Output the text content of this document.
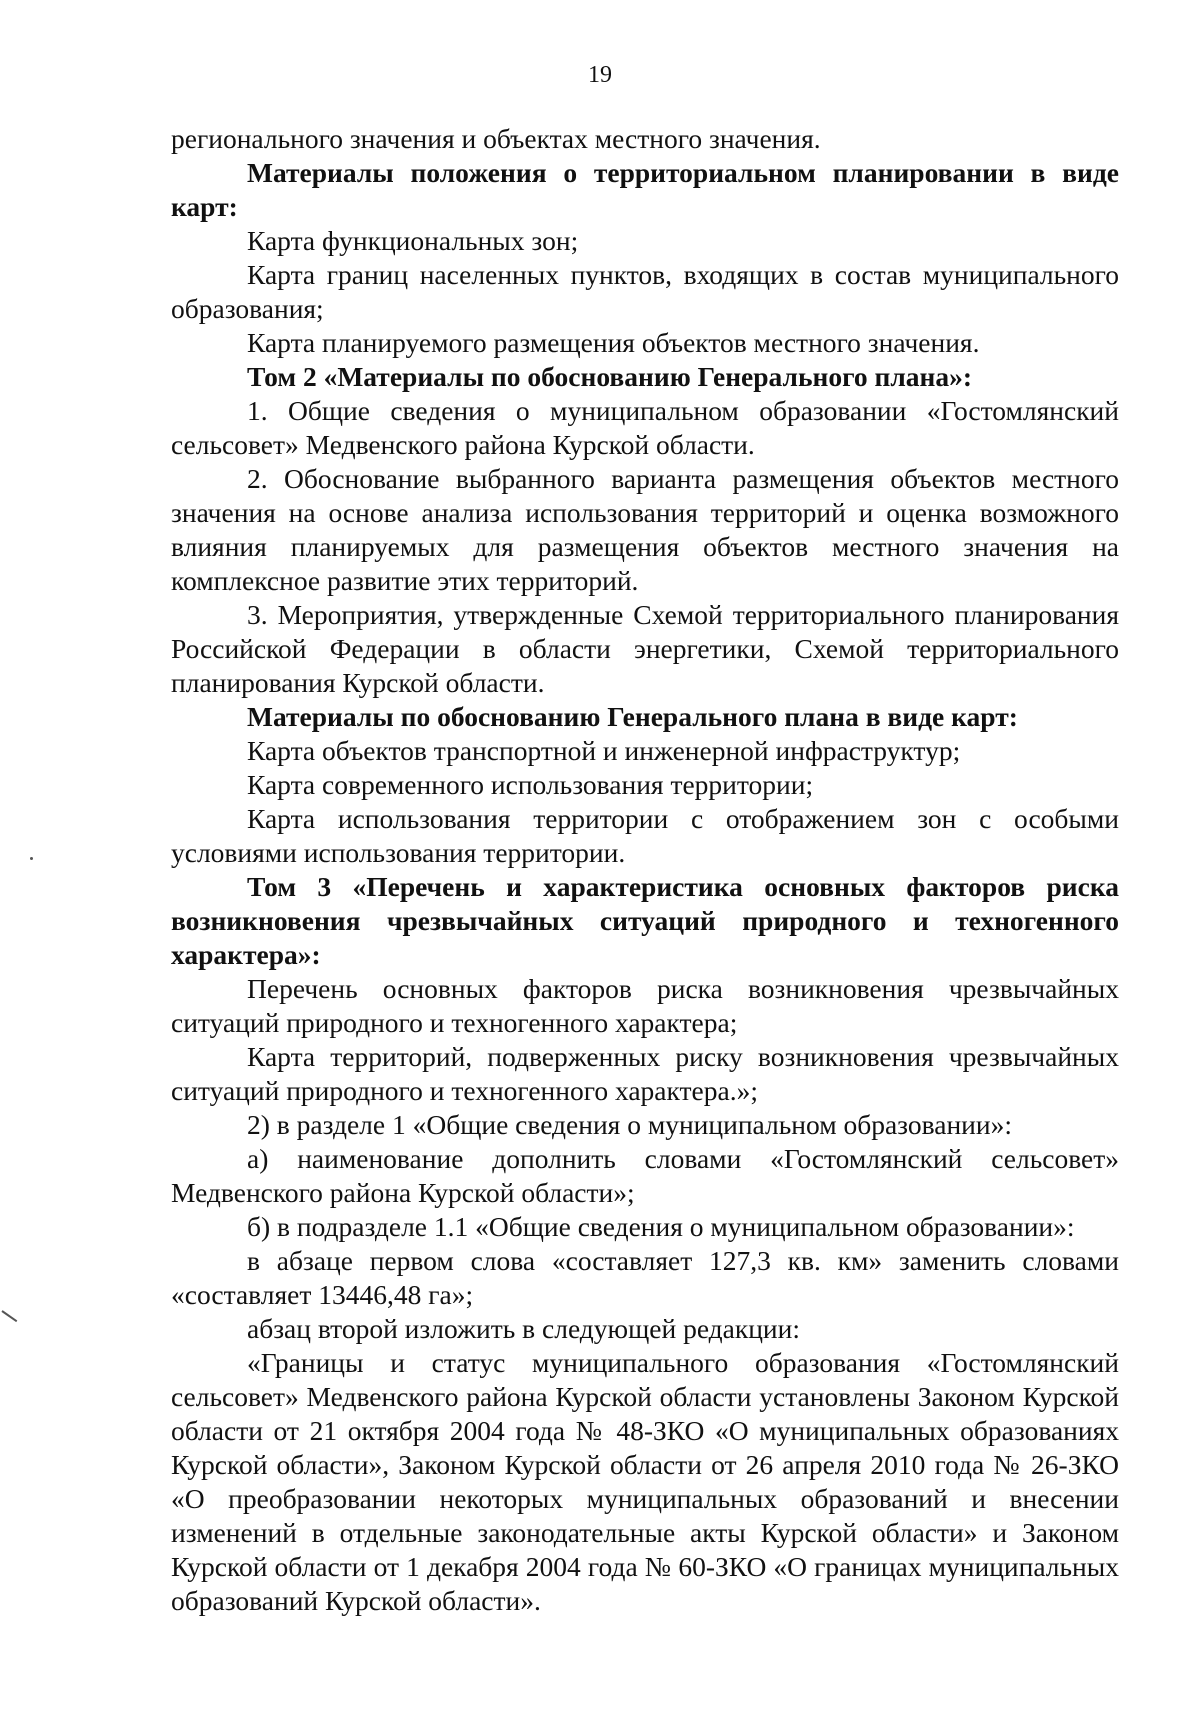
19

регионального значения и объектах местного значения.

Материалы положения о территориальном планировании в виде карт:

Карта функциональных зон;

Карта границ населенных пунктов, входящих в состав муниципального образования;

Карта планируемого размещения объектов местного значения.

Том 2 «Материалы по обоснованию Генерального плана»:

1. Общие сведения о муниципальном образовании «Гостомлянский сельсовет» Медвенского района Курской области.

2. Обоснование выбранного варианта размещения объектов местного значения на основе анализа использования территорий и оценка возможного влияния планируемых для размещения объектов местного значения на комплексное развитие этих территорий.

3. Мероприятия, утвержденные Схемой территориального планирования Российской Федерации в области энергетики, Схемой территориального планирования Курской области.

Материалы по обоснованию Генерального плана в виде карт:

Карта объектов транспортной и инженерной инфраструктур;

Карта современного использования территории;

Карта использования территории с отображением зон с особыми условиями использования территории.

Том 3 «Перечень и характеристика основных факторов риска возникновения чрезвычайных ситуаций природного и техногенного характера»:

Перечень основных факторов риска возникновения чрезвычайных ситуаций природного и техногенного характера;

Карта территорий, подверженных риску возникновения чрезвычайных ситуаций природного и техногенного характера.»;

2) в разделе 1 «Общие сведения о муниципальном образовании»:

а) наименование дополнить словами «Гостомлянский сельсовет» Медвенского района Курской области»;

б) в подразделе 1.1 «Общие сведения о муниципальном образовании»:

в абзаце первом слова «составляет 127,3 кв. км» заменить словами «составляет 13446,48 га»;

абзац второй изложить в следующей редакции:

«Границы и статус муниципального образования «Гостомлянский сельсовет» Медвенского района Курской области установлены Законом Курской области от 21 октября 2004 года № 48-ЗКО «О муниципальных образованиях Курской области», Законом Курской области от 26 апреля 2010 года № 26-ЗКО «О преобразовании некоторых муниципальных образований и внесении изменений в отдельные законодательные акты Курской области» и Законом Курской области от 1 декабря 2004 года № 60-ЗКО «О границах муниципальных образований Курской области».
